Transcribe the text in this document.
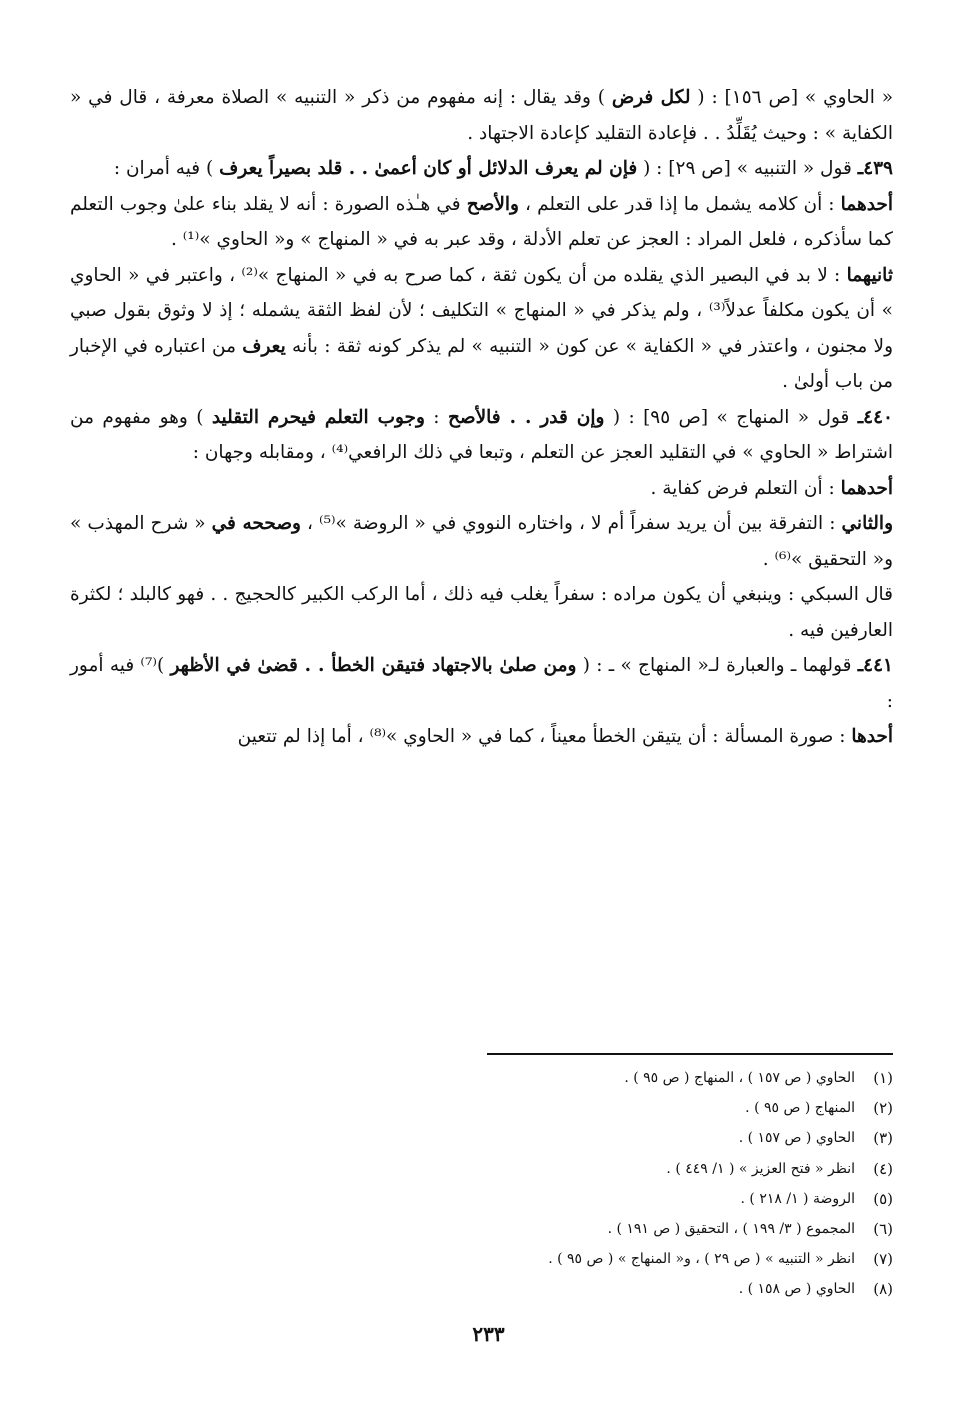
« الحاوي » [ص ١٥٦] : ( لكل فرض ) وقد يقال : إنه مفهوم من ذكر « التنبيه » الصلاة معرفة ، قال في « الكفاية » : وحيث يُقَلِّدُ . . فإعادة التقليد كإعادة الاجتهاد .

٤٣٩ـ قول « التنبيه » [ص ٢٩] : ( فإن لم يعرف الدلائل أو كان أعمىٰ . . قلد بصيراً يعرف ) فيه أمران :

أحدهما : أن كلامه يشمل ما إذا قدر على التعلم ، والأصح في هـٰذه الصورة : أنه لا يقلد بناء علىٰ وجوب التعلم كما سأذكره ، فلعل المراد : العجز عن تعلم الأدلة ، وقد عبر به في « المنهاج » و« الحاوي »⁽¹⁾ .

ثانيهما : لا بد في البصير الذي يقلده من أن يكون ثقة ، كما صرح به في « المنهاج »⁽²⁾ ، واعتبر في « الحاوي » أن يكون مكلفاً عدلاً⁽³⁾ ، ولم يذكر في « المنهاج » التكليف ؛ لأن لفظ الثقة يشمله ؛ إذ لا وثوق بقول صبي ولا مجنون ، واعتذر في « الكفاية » عن كون « التنبيه » لم يذكر كونه ثقة : بأنه يعرف من اعتباره في الإخبار من باب أولىٰ .

٤٤٠ـ قول « المنهاج » [ص ٩٥] : ( وإن قدر . . فالأصح : وجوب التعلم فيحرم التقليد ) وهو مفهوم من اشتراط « الحاوي » في التقليد العجز عن التعلم ، وتبعا في ذلك الرافعي⁽⁴⁾ ، ومقابله وجهان :

أحدهما : أن التعلم فرض كفاية .

والثاني : التفرقة بين أن يريد سفراً أم لا ، واختاره النووي في « الروضة »⁽⁵⁾ ، وصححه في « شرح المهذب » و« التحقيق »⁽⁶⁾ .

قال السبكي : وينبغي أن يكون مراده : سفراً يغلب فيه ذلك ، أما الركب الكبير كالحجيج . . فهو كالبلد ؛ لكثرة العارفين فيه .

٤٤١ـ قولهما ـ والعبارة لـ« المنهاج » ـ : ( ومن صلىٰ بالاجتهاد فتيقن الخطأ . . قضىٰ في الأظهر )⁽⁷⁾ فيه أمور :

أحدها : صورة المسألة : أن يتيقن الخطأ معيناً ، كما في « الحاوي »⁽⁸⁾ ، أما إذا لم تتعين

(١)
الحاوي ( ص ١٥٧ ) ، المنهاج ( ص ٩٥ ) .
(٢)
المنهاج ( ص ٩٥ ) .
(٣)
الحاوي ( ص ١٥٧ ) .
(٤)
انظر « فتح العزيز » ( ١/ ٤٤٩ ) .
(٥)
الروضة ( ١/ ٢١٨ ) .
(٦)
المجموع ( ٣/ ١٩٩ ) ، التحقيق ( ص ١٩١ ) .
(٧)
انظر « التنبيه » ( ص ٢٩ ) ، و« المنهاج » ( ص ٩٥ ) .
(٨)
الحاوي ( ص ١٥٨ ) .
٢٣٣
